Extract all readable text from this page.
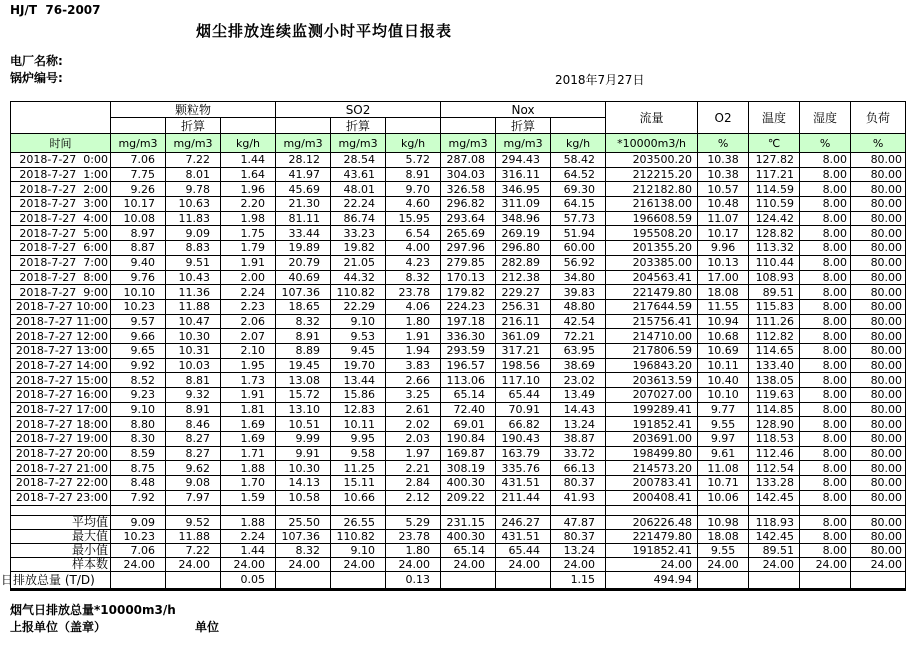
HJ/T  76-2007
烟尘排放连续监测小时平均值日报表
电厂名称:
锅炉编号:	2018年7月27日
	颗粒物			SO2			Nox			流量	O2	温度	湿度	负荷
		折算			折算			折算						
时间	mg/m3	mg/m3	kg/h	mg/m3	mg/m3	kg/h	mg/m3	mg/m3	kg/h	*10000m3/h	%	℃	%	%
2018-7-27  0:00	7.06	7.22	1.44	28.12	28.54	5.72	287.08	294.43	58.42	203500.20	10.38	127.82	8.00	80.00
2018-7-27  1:00	7.75	8.01	1.64	41.97	43.61	8.91	304.03	316.11	64.52	212215.20	10.38	117.21	8.00	80.00
2018-7-27  2:00	9.26	9.78	1.96	45.69	48.01	9.70	326.58	346.95	69.30	212182.80	10.57	114.59	8.00	80.00
2018-7-27  3:00	10.17	10.63	2.20	21.30	22.24	4.60	296.82	311.09	64.15	216138.00	10.48	110.59	8.00	80.00
2018-7-27  4:00	10.08	11.83	1.98	81.11	86.74	15.95	293.64	348.96	57.73	196608.59	11.07	124.42	8.00	80.00
2018-7-27  5:00	8.97	9.09	1.75	33.44	33.23	6.54	265.69	269.19	51.94	195508.20	10.17	128.82	8.00	80.00
2018-7-27  6:00	8.87	8.83	1.79	19.89	19.82	4.00	297.96	296.80	60.00	201355.20	9.96	113.32	8.00	80.00
2018-7-27  7:00	9.40	9.51	1.91	20.79	21.05	4.23	279.85	282.89	56.92	203385.00	10.13	110.44	8.00	80.00
2018-7-27  8:00	9.76	10.43	2.00	40.69	44.32	8.32	170.13	212.38	34.80	204563.41	17.00	108.93	8.00	80.00
2018-7-27  9:00	10.10	11.36	2.24	107.36	110.82	23.78	179.82	229.27	39.83	221479.80	18.08	89.51	8.00	80.00
2018-7-27 10:00	10.23	11.88	2.23	18.65	22.29	4.06	224.23	256.31	48.80	217644.59	11.55	115.83	8.00	80.00
2018-7-27 11:00	9.57	10.47	2.06	8.32	9.10	1.80	197.18	216.11	42.54	215756.41	10.94	111.26	8.00	80.00
2018-7-27 12:00	9.66	10.30	2.07	8.91	9.53	1.91	336.30	361.09	72.21	214710.00	10.68	112.82	8.00	80.00
2018-7-27 13:00	9.65	10.31	2.10	8.89	9.45	1.94	293.59	317.21	63.95	217806.59	10.69	114.65	8.00	80.00
2018-7-27 14:00	9.92	10.03	1.95	19.45	19.70	3.83	196.57	198.56	38.69	196843.20	10.11	133.40	8.00	80.00
2018-7-27 15:00	8.52	8.81	1.73	13.08	13.44	2.66	113.06	117.10	23.02	203613.59	10.40	138.05	8.00	80.00
2018-7-27 16:00	9.23	9.32	1.91	15.72	15.86	3.25	65.14	65.44	13.49	207027.00	10.10	119.63	8.00	80.00
2018-7-27 17:00	9.10	8.91	1.81	13.10	12.83	2.61	72.40	70.91	14.43	199289.41	9.77	114.85	8.00	80.00
2018-7-27 18:00	8.80	8.46	1.69	10.51	10.11	2.02	69.01	66.82	13.24	191852.41	9.55	128.90	8.00	80.00
2018-7-27 19:00	8.30	8.27	1.69	9.99	9.95	2.03	190.84	190.43	38.87	203691.00	9.97	118.53	8.00	80.00
2018-7-27 20:00	8.59	8.27	1.71	9.91	9.58	1.97	169.87	163.79	33.72	198499.80	9.61	112.46	8.00	80.00
2018-7-27 21:00	8.75	9.62	1.88	10.30	11.25	2.21	308.19	335.76	66.13	214573.20	11.08	112.54	8.00	80.00
2018-7-27 22:00	8.48	9.08	1.70	14.13	15.11	2.84	400.30	431.51	80.37	200783.41	10.71	133.28	8.00	80.00
2018-7-27 23:00	7.92	7.97	1.59	10.58	10.66	2.12	209.22	211.44	41.93	200408.41	10.06	142.45	8.00	80.00

平均值	9.09	9.52	1.88	25.50	26.55	5.29	231.15	246.27	47.87	206226.48	10.98	118.93	8.00	80.00
最大值	10.23	11.88	2.24	107.36	110.82	23.78	400.30	431.51	80.37	221479.80	18.08	142.45	8.00	80.00
最小值	7.06	7.22	1.44	8.32	9.10	1.80	65.14	65.44	13.24	191852.41	9.55	89.51	8.00	80.00
样本数	24.00	24.00	24.00	24.00	24.00	24.00	24.00	24.00	24.00	24.00	24.00	24.00	24.00	24.00
日排放总量 (T/D)			0.05			0.13			1.15	494.94				
烟气日排放总量*10000m3/h
上报单位（盖章）	单位
